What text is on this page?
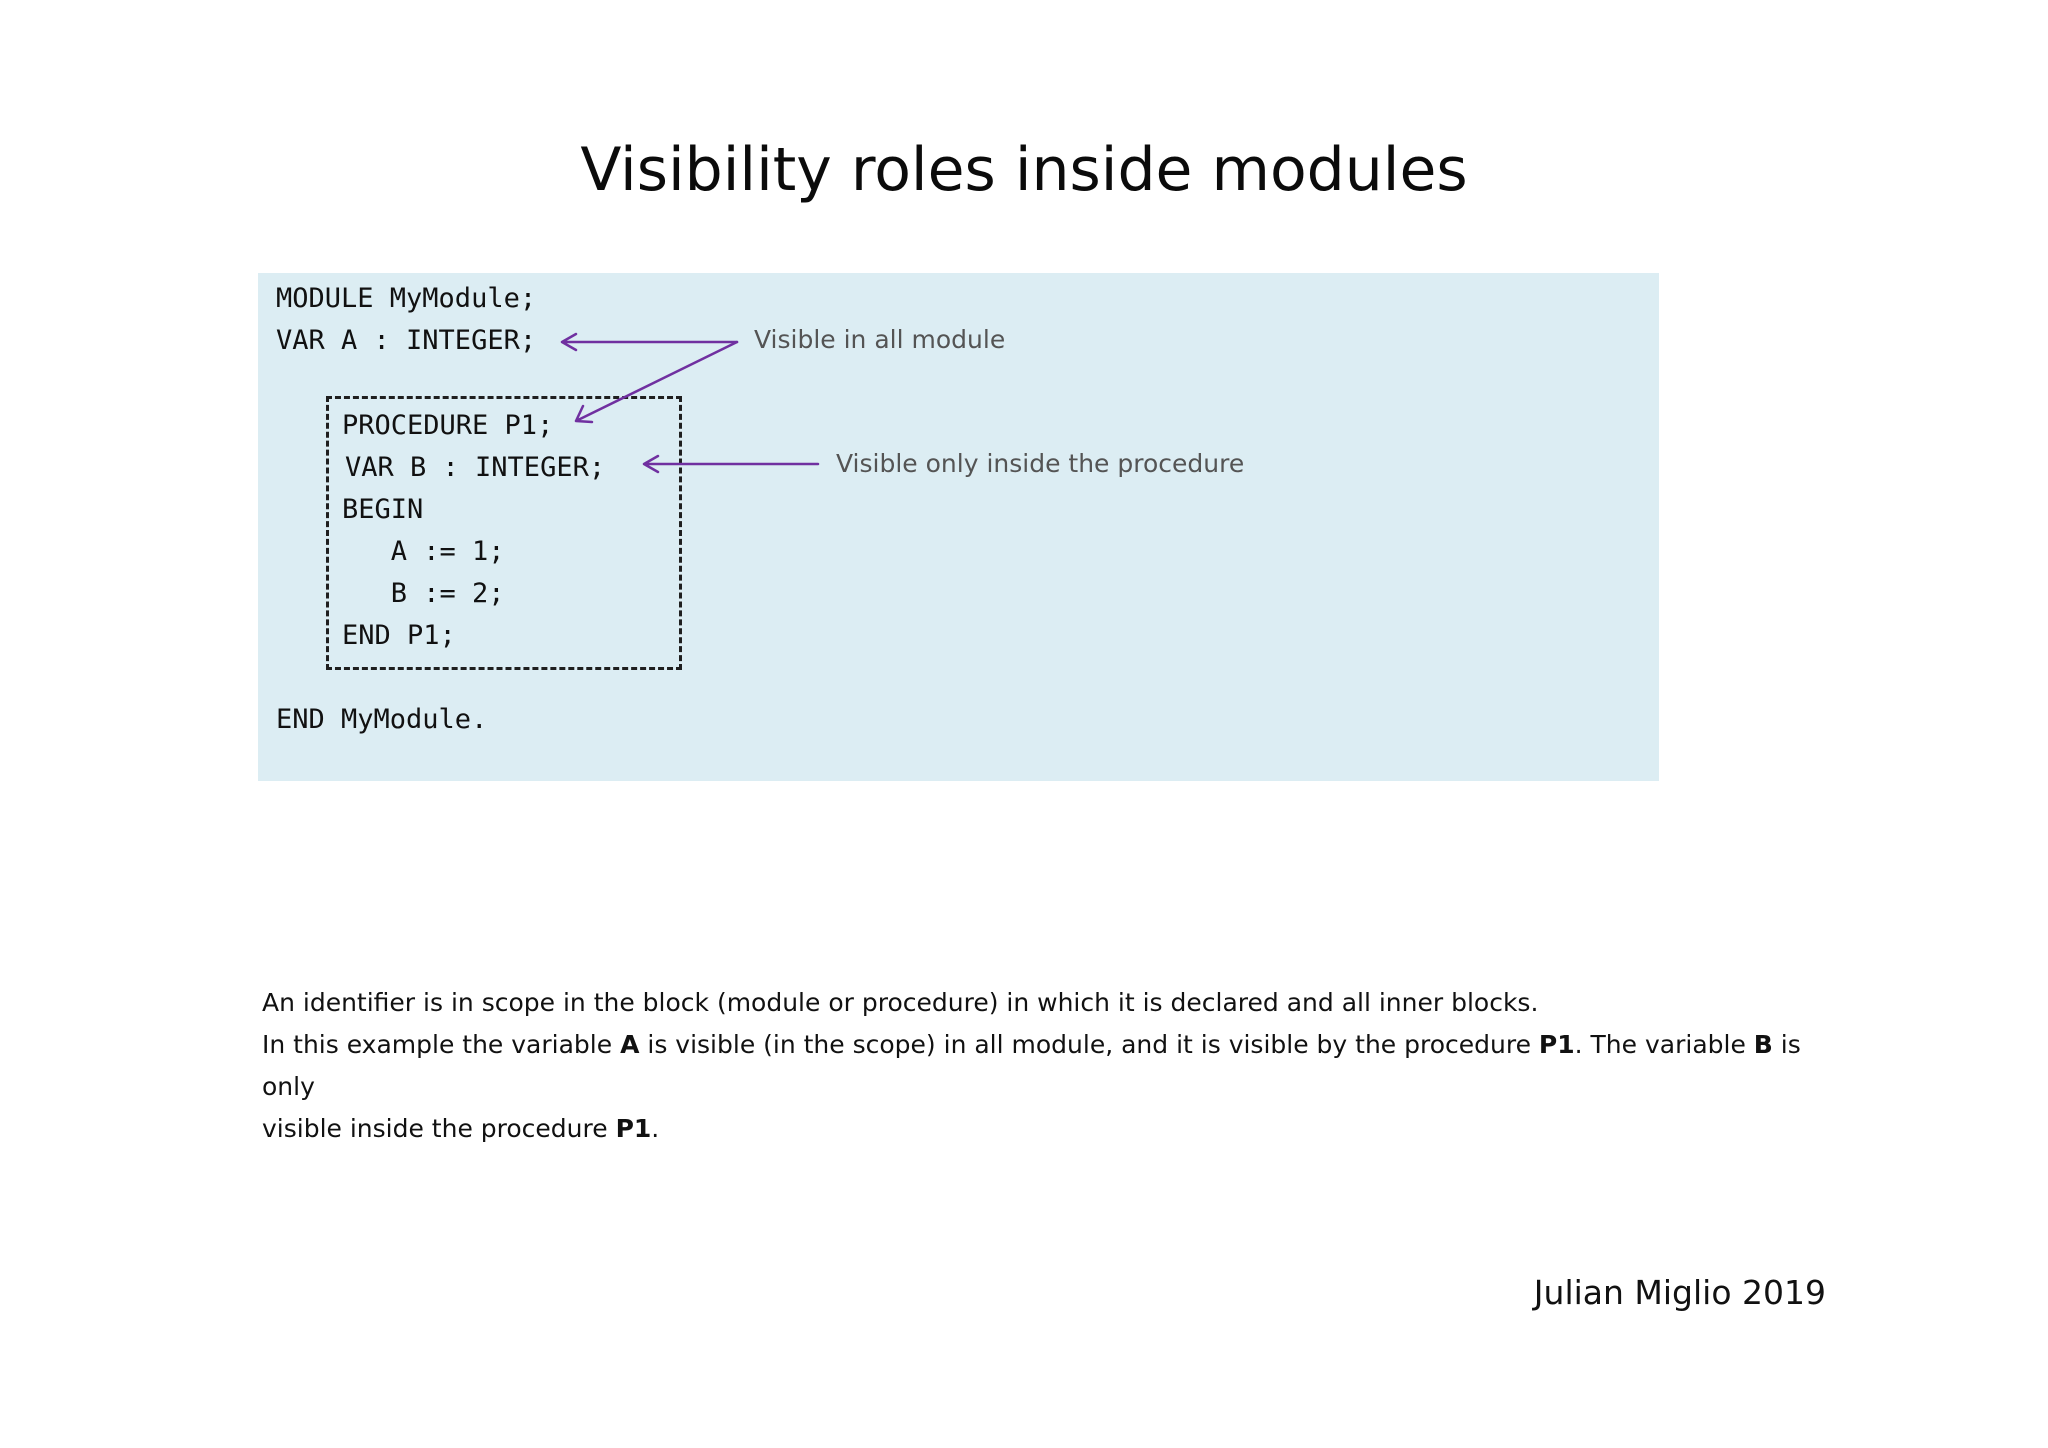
Visibility roles inside modules
MODULE MyModule;
VAR A : INTEGER;
PROCEDURE P1;
VAR B : INTEGER;
BEGIN
A := 1;
B := 2;
END P1;
END MyModule.
Visible in all module
Visible only inside the procedure

An identifier is in scope in the block (module or procedure) in which it is declared and all inner blocks.

In this example the variable A is visible (in the scope) in all module, and it is visible by the procedure P1. The variable B is only

visible inside the procedure P1.

Julian Miglio 2019
